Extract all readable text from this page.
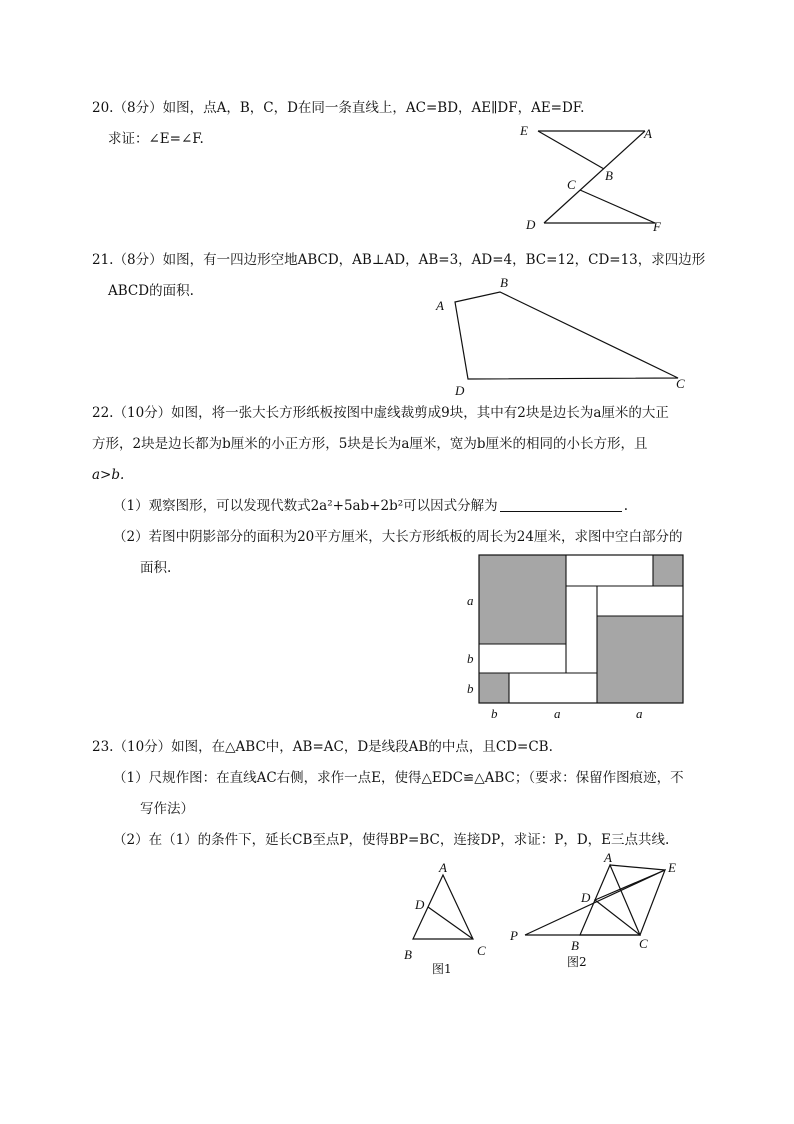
20.（8分）如图，点A，B，C，D在同一条直线上，AC=BD，AE∥DF，AE=DF.
求证：∠E=∠F.
E	A
B
C
D	F
21.（8分）如图，有一四边形空地ABCD，AB⊥AD，AB=3，AD=4，BC=12，CD=13，求四边形
ABCD的面积.
A
B
C
D
22.（10分）如图，将一张大长方形纸板按图中虚线裁剪成9块，其中有2块是边长为a厘米的大正
方形，2块是边长都为b厘米的小正方形，5块是长为a厘米，宽为b厘米的相同的小长方形，且
a>b.
（1）观察图形，可以发现代数式2a²+5ab+2b²可以因式分解为	.
（2）若图中阴影部分的面积为20平方厘米，大长方形纸板的周长为24厘米，求图中空白部分的
面积.
a
b
b
b	a	a
23.（10分）如图，在△ABC中，AB=AC，D是线段AB的中点，且CD=CB.
（1）尺规作图：在直线AC右侧，求作一点E，使得△EDC≌△ABC；（要求：保留作图痕迹，不
写作法）
（2）在（1）的条件下，延长CB至点P，使得BP=BC，连接DP，求证：P，D，E三点共线.
A
D
B	C
图1
A
E
D
P
B	C
图2
